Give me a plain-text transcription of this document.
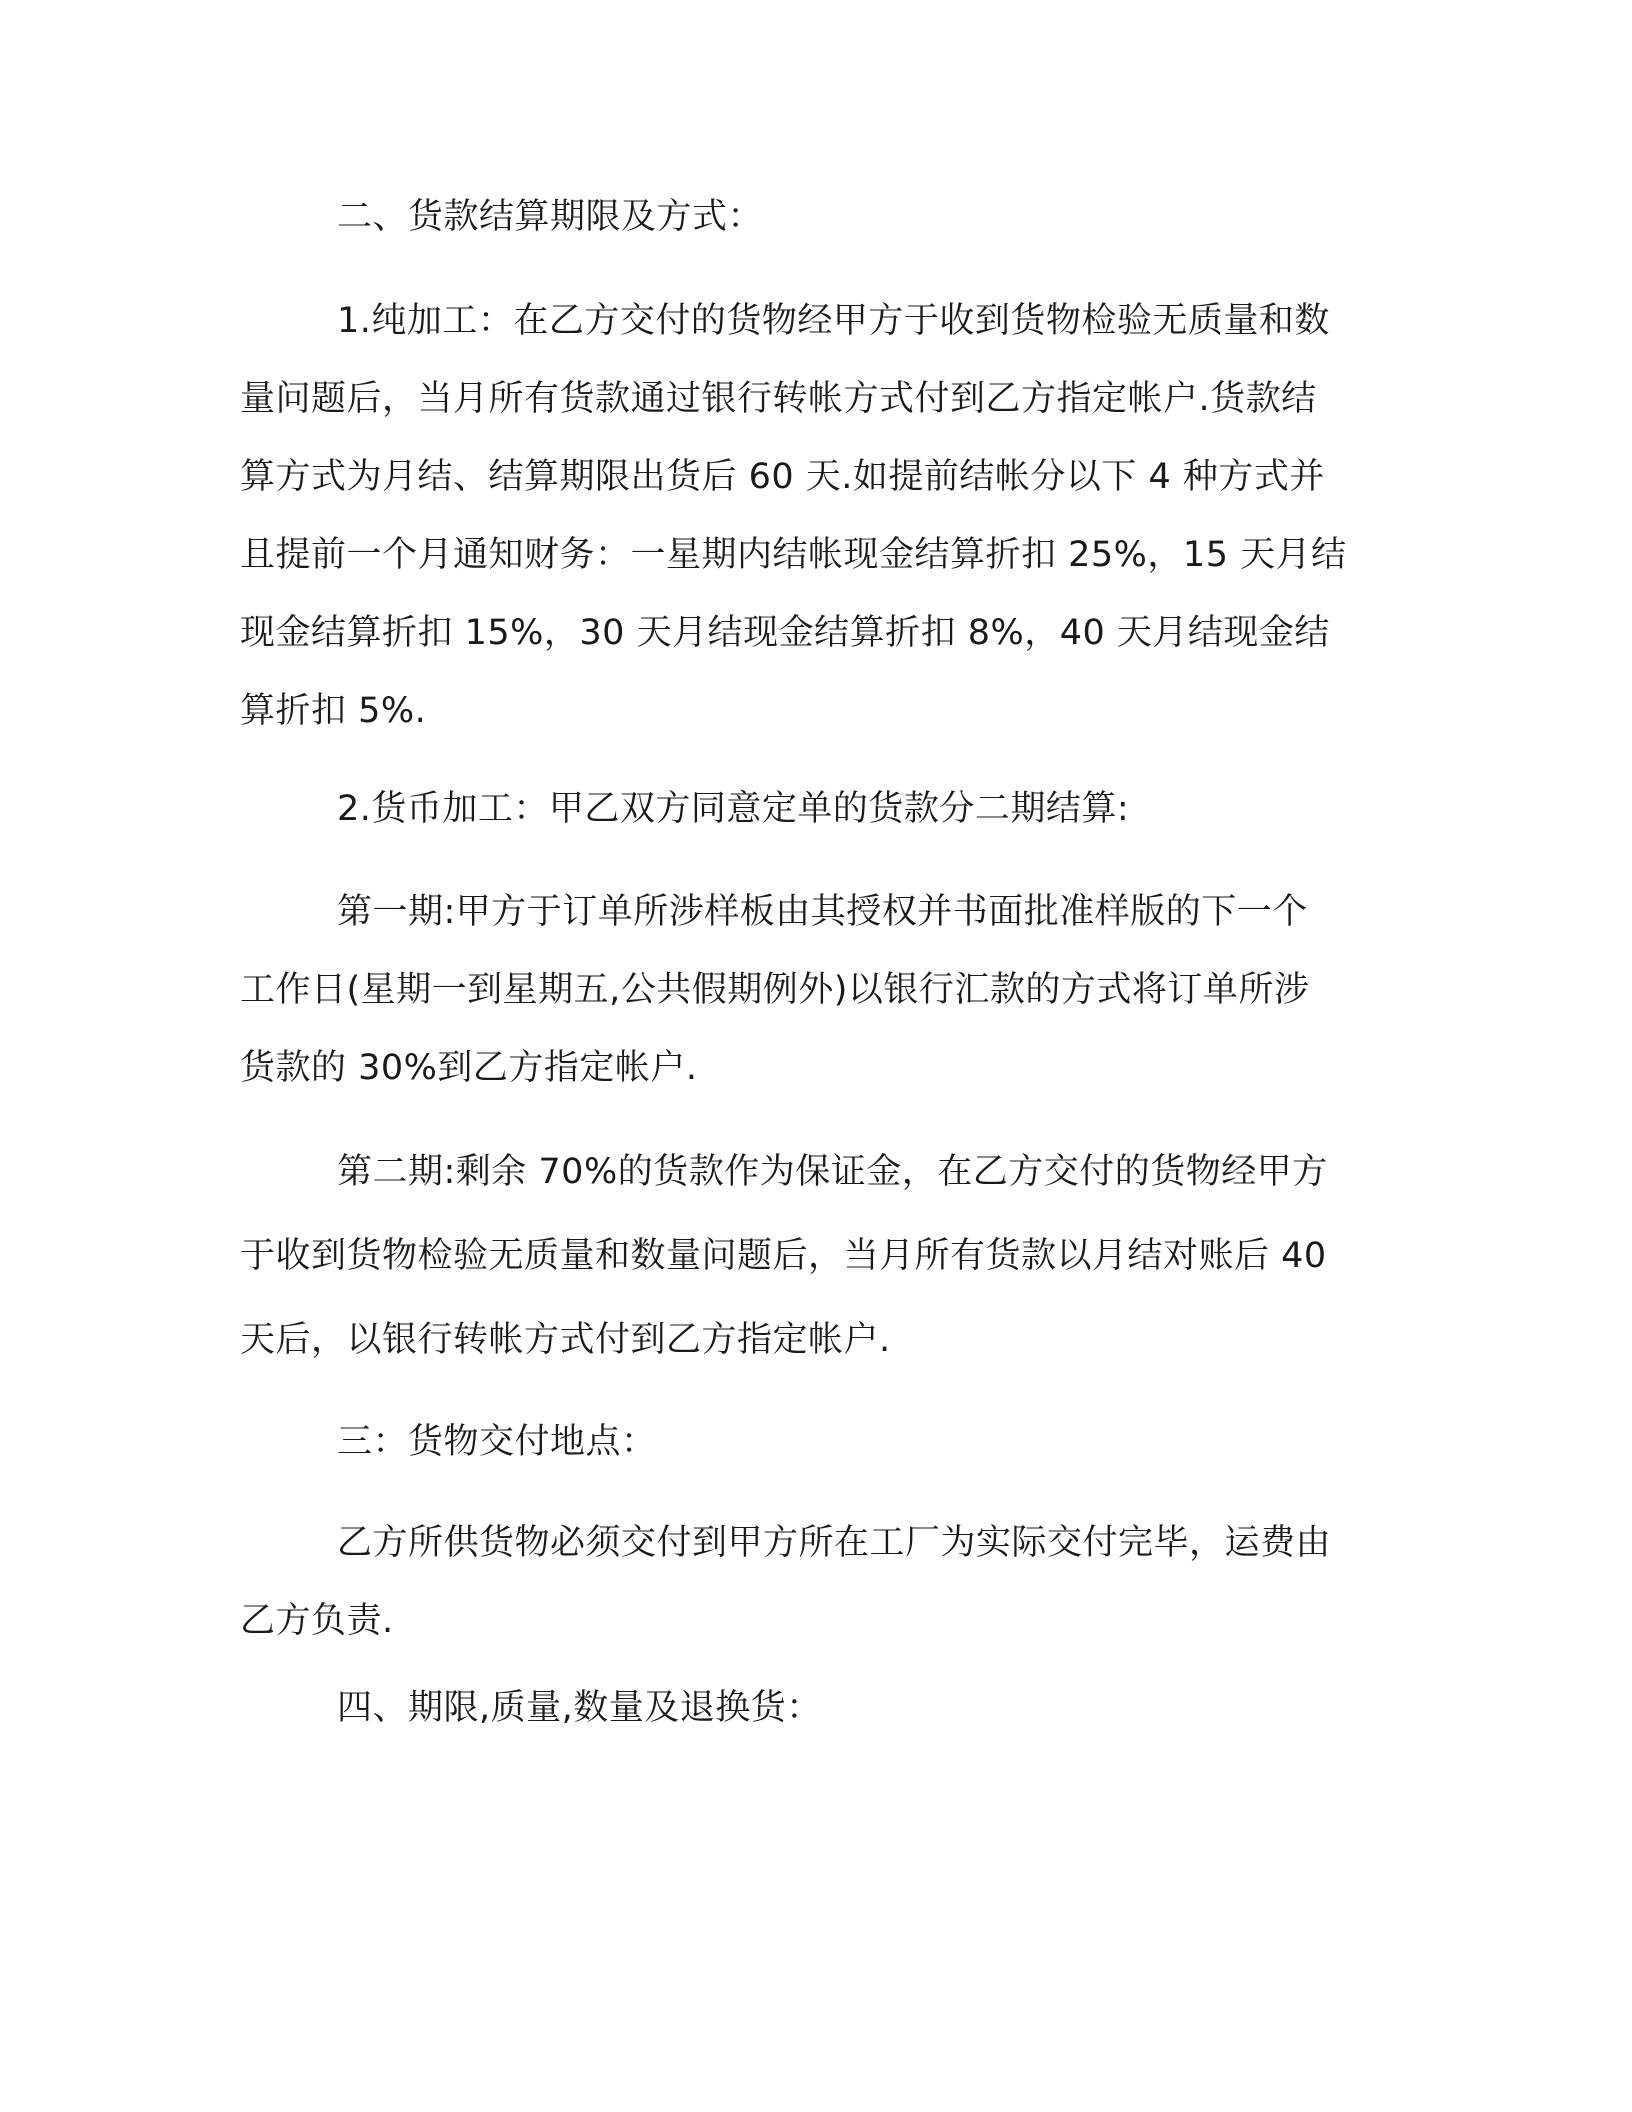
二、货款结算期限及方式：
1.纯加工：在乙方交付的货物经甲方于收到货物检验无质量和数
量问题后，当月所有货款通过银行转帐方式付到乙方指定帐户.货款结
算方式为月结、结算期限出货后 60 天.如提前结帐分以下 4 种方式并
且提前一个月通知财务：一星期内结帐现金结算折扣 25%，15 天月结
现金结算折扣 15%，30 天月结现金结算折扣 8%，40 天月结现金结
算折扣 5%.
2.货币加工：甲乙双方同意定单的货款分二期结算:
第一期:甲方于订单所涉样板由其授权并书面批准样版的下一个
工作日(星期一到星期五,公共假期例外)以银行汇款的方式将订单所涉
货款的 30%到乙方指定帐户.
第二期:剩余 70%的货款作为保证金，在乙方交付的货物经甲方
于收到货物检验无质量和数量问题后，当月所有货款以月结对账后 40
天后，以银行转帐方式付到乙方指定帐户.
三：货物交付地点：
乙方所供货物必须交付到甲方所在工厂为实际交付完毕，运费由
乙方负责.
四、期限,质量,数量及退换货：
